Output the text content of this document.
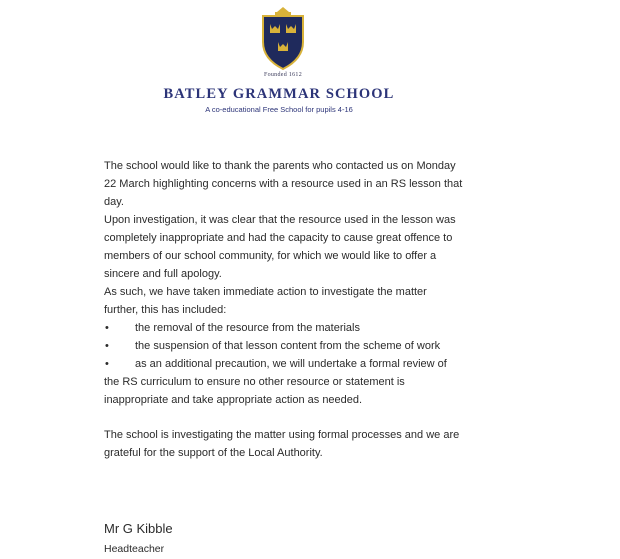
Founded 1612
BATLEY GRAMMAR SCHOOL
A co-educational Free School for pupils 4-16

The school would like to thank the parents who contacted us on Monday 22 March highlighting concerns with a resource used in an RS lesson that day.

Upon investigation, it was clear that the resource used in the lesson was completely inappropriate and had the capacity to cause great offence to members of our school community, for which we would like to offer a sincere and full apology.

As such, we have taken immediate action to investigate the matter further, this has included:

•	the removal of the resource from the materials
•	the suspension of that lesson content from the scheme of work
•	as an additional precaution, we will undertake a formal review of the RS curriculum to ensure no other resource or statement is inappropriate and take appropriate action as needed.

The school is investigating the matter using formal processes and we are grateful for the support of the Local Authority.

Mr G Kibble
Headteacher
